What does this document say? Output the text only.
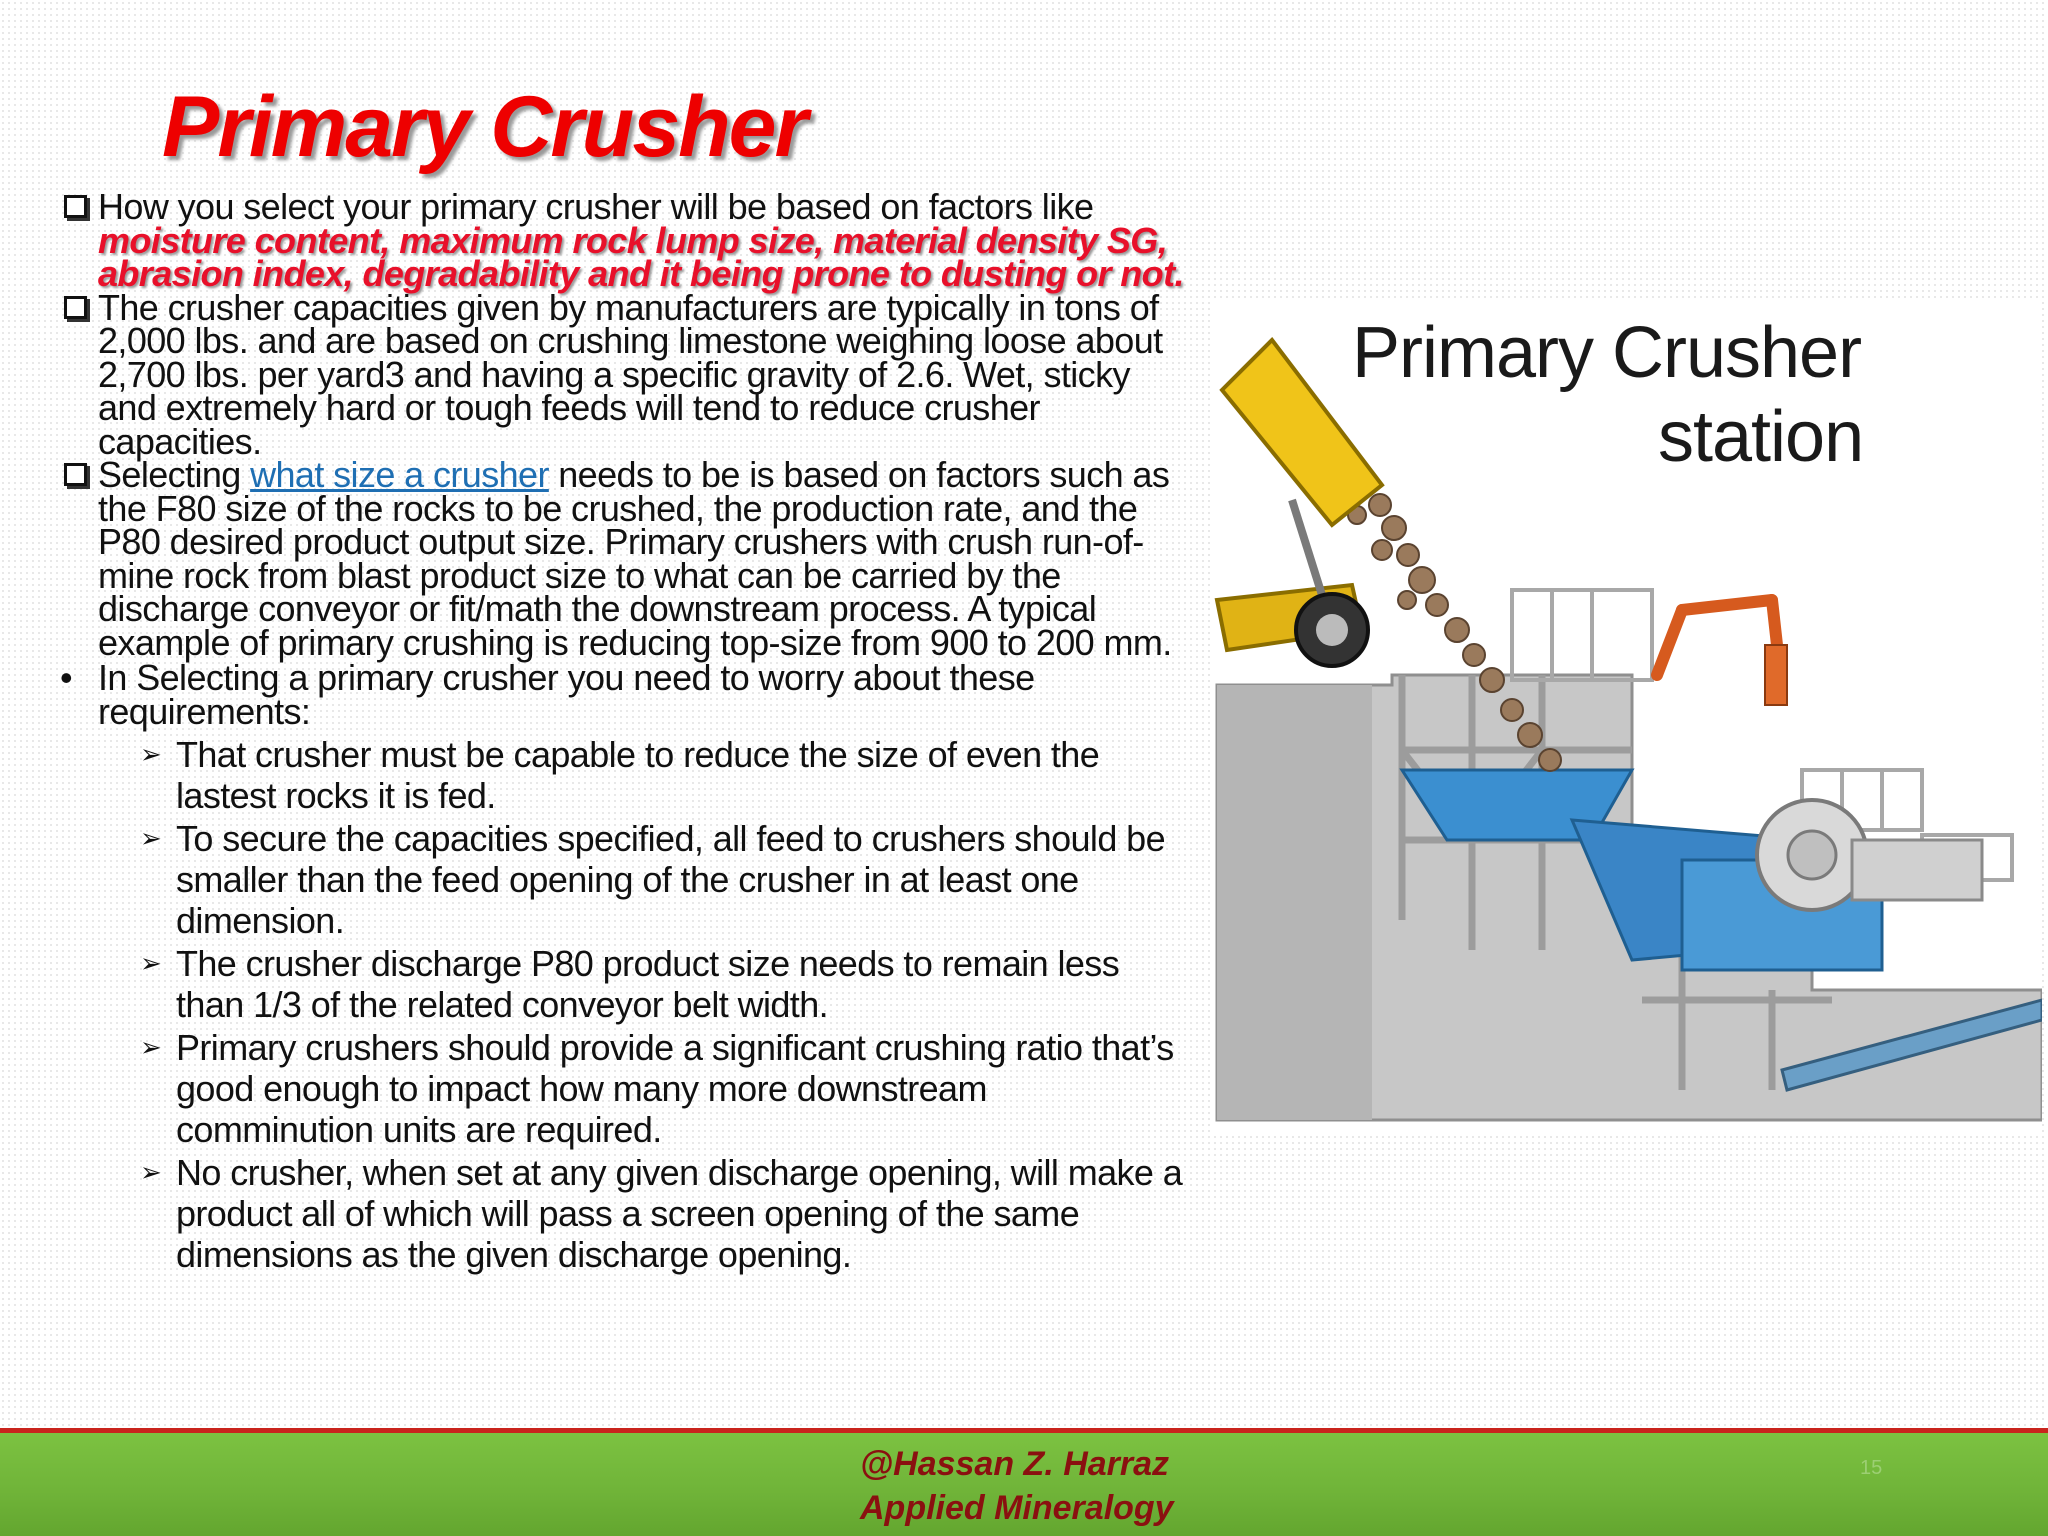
Primary Crusher
How you select your primary crusher will be based on factors like moisture content, maximum rock lump size, material density SG, abrasion index, degradability and it being prone to dusting or not.
The crusher capacities given by manufacturers are typically in tons of 2,000 lbs. and are based on crushing limestone weighing loose about 2,700 lbs. per yard3 and having a specific gravity of 2.6. Wet, sticky and extremely hard or tough feeds will tend to reduce crusher capacities.
Selecting what size a crusher needs to be is based on factors such as the F80 size of the rocks to be crushed, the production rate, and the P80 desired product output size. Primary crushers with crush run-of-mine rock from blast product size to what can be carried by the discharge conveyor or fit/math the downstream process. A typical example of primary crushing is reducing top-size from 900 to 200 mm.
• In Selecting a primary crusher you need to worry about these requirements:
➢ That crusher must be capable to reduce the size of even the lastest rocks it is fed.
➢ To secure the capacities specified, all feed to crushers should be smaller than the feed opening of the crusher in at least one dimension.
➢ The crusher discharge P80 product size needs to remain less than 1/3 of the related conveyor belt width.
➢ Primary crushers should provide a significant crushing ratio that’s good enough to impact how many more downstream comminution units are required.
➢ No crusher, when set at any given discharge opening, will make a product all of which will pass a screen opening of the same dimensions as the given discharge opening.
Primary Crusher
station
@Hassan Z. Harraz
Applied Mineralogy
15
